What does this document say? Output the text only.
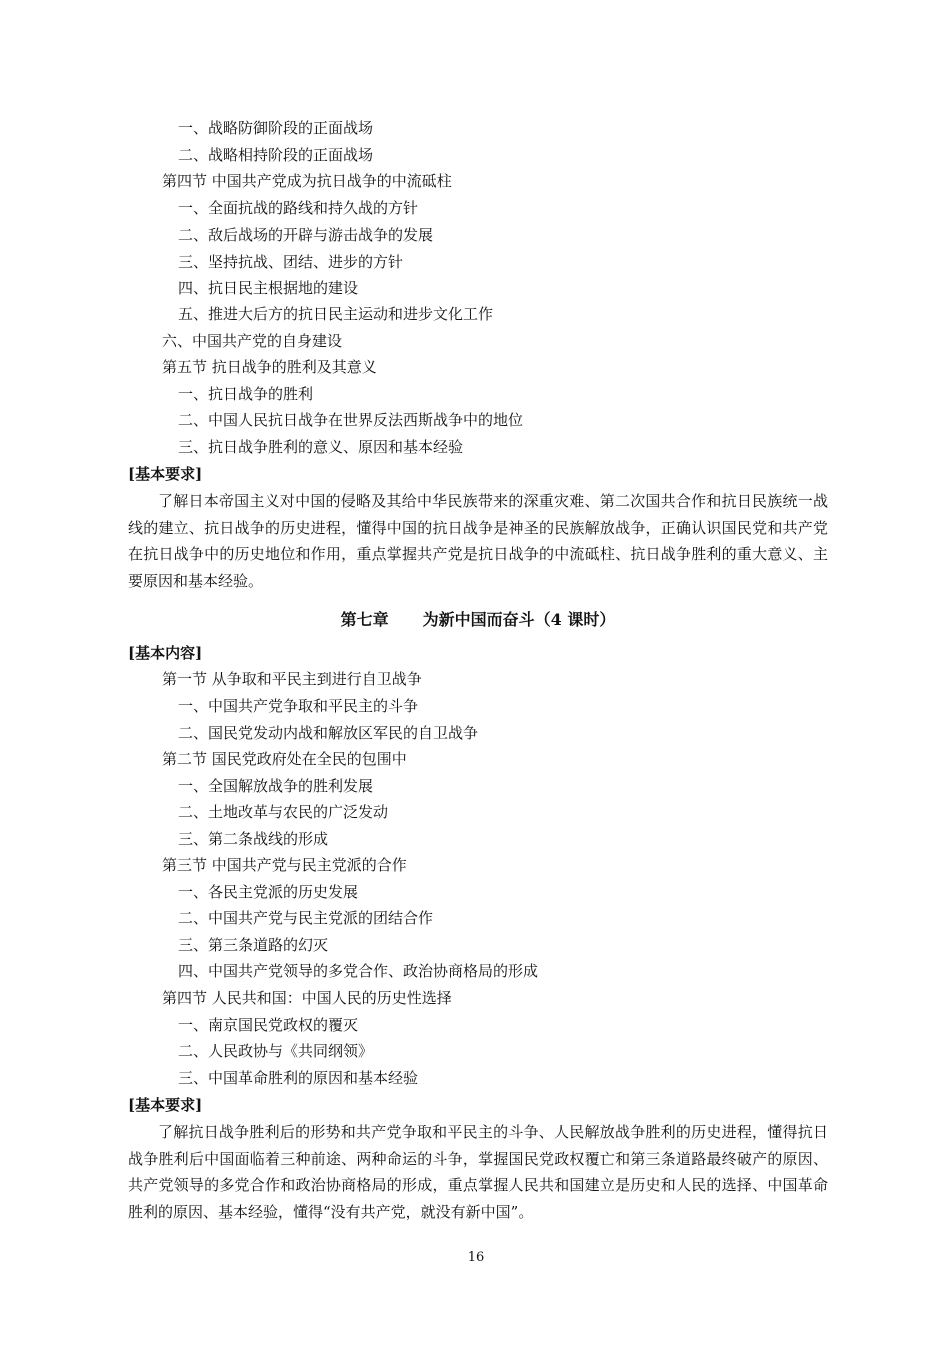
一、战略防御阶段的正面战场
二、战略相持阶段的正面战场
第四节 中国共产党成为抗日战争的中流砥柱
一、全面抗战的路线和持久战的方针
二、敌后战场的开辟与游击战争的发展
三、坚持抗战、团结、进步的方针
四、抗日民主根据地的建设
五、推进大后方的抗日民主运动和进步文化工作
六、中国共产党的自身建设
第五节 抗日战争的胜利及其意义
一、抗日战争的胜利
二、中国人民抗日战争在世界反法西斯战争中的地位
三、抗日战争胜利的意义、原因和基本经验
[基本要求]
了解日本帝国主义对中国的侵略及其给中华民族带来的深重灾难、第二次国共合作和抗日民族统一战线的建立、抗日战争的历史进程，懂得中国的抗日战争是神圣的民族解放战争，正确认识国民党和共产党在抗日战争中的历史地位和作用，重点掌握共产党是抗日战争的中流砥柱、抗日战争胜利的重大意义、主要原因和基本经验。
第七章 为新中国而奋斗（4 课时）
[基本内容]
第一节 从争取和平民主到进行自卫战争
一、中国共产党争取和平民主的斗争
二、国民党发动内战和解放区军民的自卫战争
第二节 国民党政府处在全民的包围中
一、全国解放战争的胜利发展
二、土地改革与农民的广泛发动
三、第二条战线的形成
第三节 中国共产党与民主党派的合作
一、各民主党派的历史发展
二、中国共产党与民主党派的团结合作
三、第三条道路的幻灭
四、中国共产党领导的多党合作、政治协商格局的形成
第四节 人民共和国：中国人民的历史性选择
一、南京国民党政权的覆灭
二、人民政协与《共同纲领》
三、中国革命胜利的原因和基本经验
[基本要求]
了解抗日战争胜利后的形势和共产党争取和平民主的斗争、人民解放战争胜利的历史进程，懂得抗日战争胜利后中国面临着三种前途、两种命运的斗争，掌握国民党政权覆亡和第三条道路最终破产的原因、共产党领导的多党合作和政治协商格局的形成，重点掌握人民共和国建立是历史和人民的选择、中国革命胜利的原因、基本经验，懂得“没有共产党，就没有新中国”。
16
